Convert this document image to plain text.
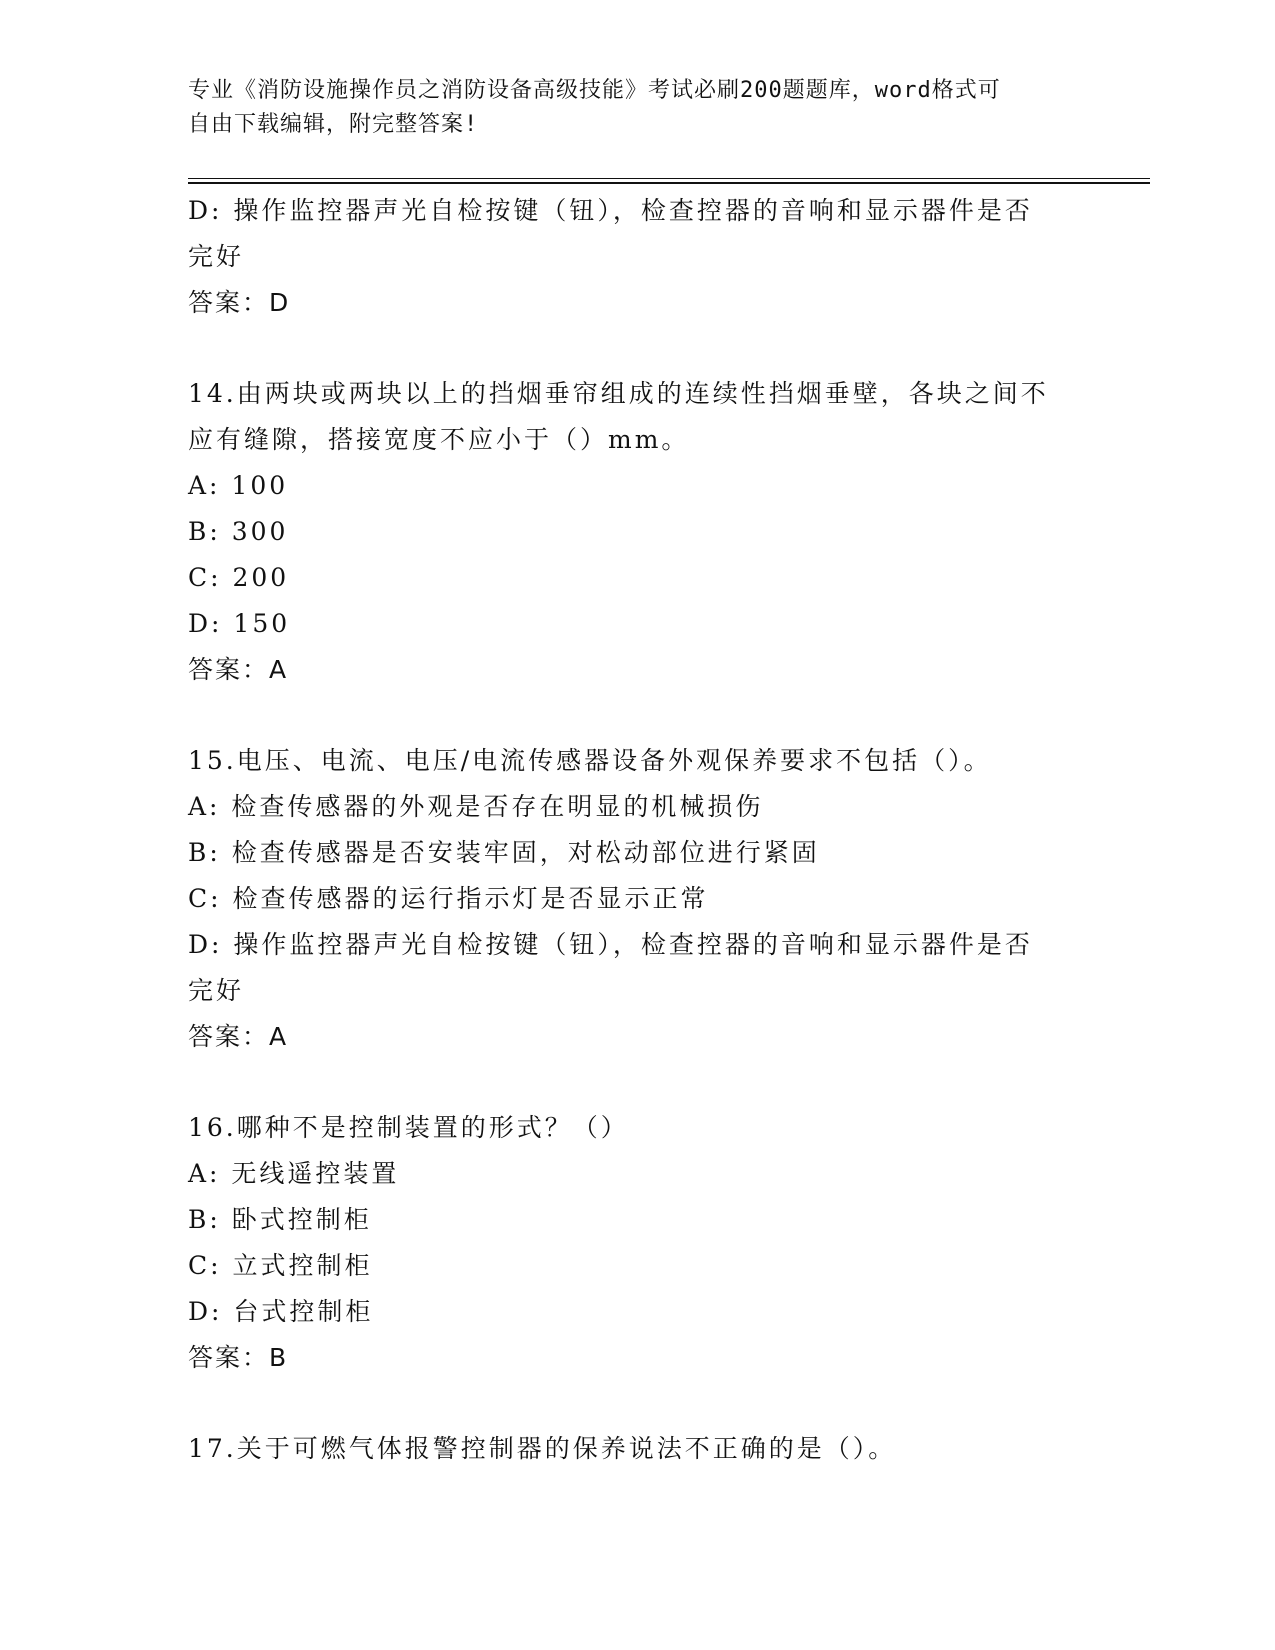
专业《消防设施操作员之消防设备高级技能》考试必刷200题题库，word格式可
自由下载编辑，附完整答案!
D: 操作监控器声光自检按键（钮），检查控器的音响和显示器件是否
完好
答案：D
14.由两块或两块以上的挡烟垂帘组成的连续性挡烟垂壁，各块之间不
应有缝隙，搭接宽度不应小于（）mm。
A: 100
B: 300
C: 200
D: 150
答案：A
15.电压、电流、电压/电流传感器设备外观保养要求不包括（）。
A: 检查传感器的外观是否存在明显的机械损伤
B: 检查传感器是否安装牢固，对松动部位进行紧固
C: 检查传感器的运行指示灯是否显示正常
D: 操作监控器声光自检按键（钮），检查控器的音响和显示器件是否
完好
答案：A
16.哪种不是控制装置的形式？（）
A: 无线遥控装置
B: 卧式控制柜
C: 立式控制柜
D: 台式控制柜
答案：B
17.关于可燃气体报警控制器的保养说法不正确的是（）。
